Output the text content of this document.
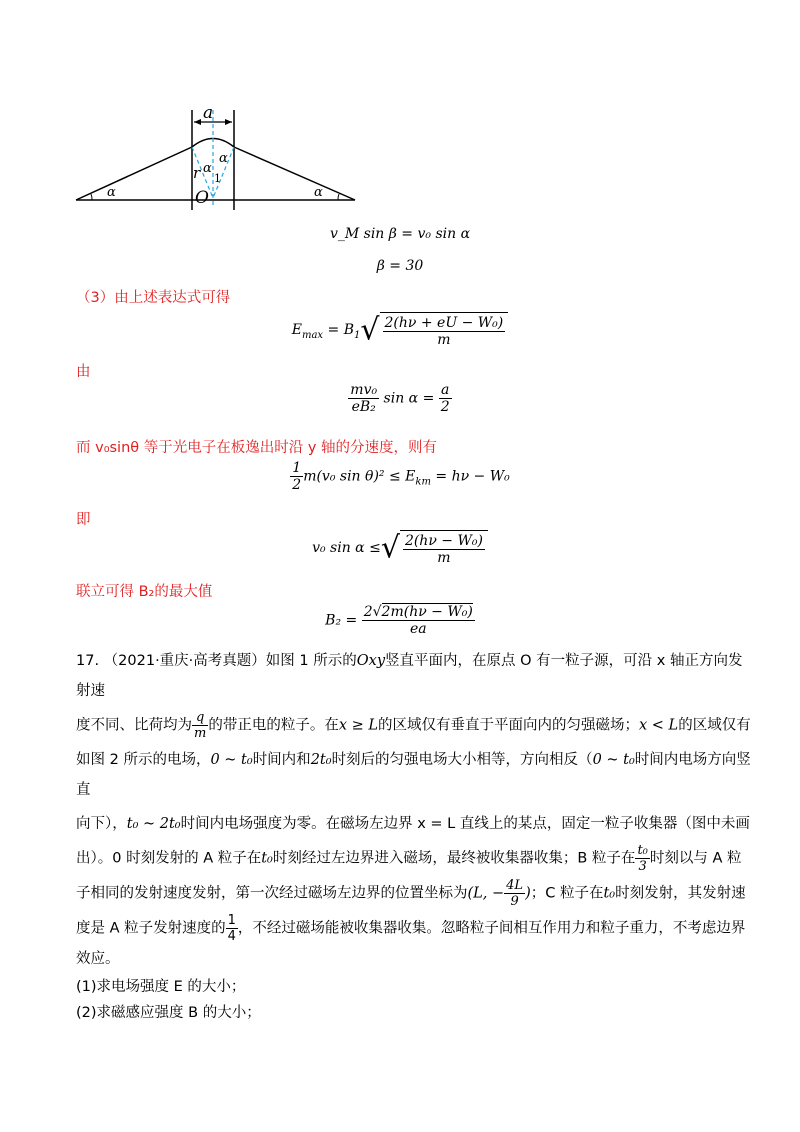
a
α	α
α
α
r 1
O
v_M sin β = v₀ sin α
β = 30
（3）由上述表达式可得
$E_{max} = B_1√ \frac{\text{2(hν + eU − W₀)}}{m}$
由
$\frac{\text{mv₀}}{\text{eB₂}}$ $\sin \alpha = \frac{a}{2}$
而 v₀sinθ 等于光电子在板逸出时沿 y 轴的分速度，则有
$\frac{1}{2} m(v_0$ $\sin \theta)^2 \le E_{km} = h\nu - W_0$
即
v₀ sin α ≤√ $\frac{\text{2(hν − W₀)}}{m}$
联立可得 B₂的最大值
$B_2 = \frac{\text{2√2m(hν − W₀)}}{ea}$
17. （2021·重庆·高考真题）如图 1 所示的Oxy竖直平面内，在原点 O 有一粒子源，可沿 x 轴正方向发射速
度不同、比荷均为 $\frac{q}{m}$ 的带正电的粒子。在x ≥ L的区域仅有垂直于平面向内的匀强磁场；x < L的区域仅有
如图 2 所示的电场，0 ~ t₀时间内和2t₀时刻后的匀强电场大小相等，方向相反（0 ~ t₀时间内电场方向竖直
向下），t₀ ~ 2t₀时间内电场强度为零。在磁场左边界 x = L 直线上的某点，固定一粒子收集器（图中未画
出）。0 时刻发射的 A 粒子在t₀时刻经过左边界进入磁场，最终被收集器收集；B 粒子在 $\frac{\text{t₀}}{3}$ 时刻以与 A 粒
子相同的发射速度发射，第一次经过磁场左边界的位置坐标为(L, − $\frac{4L}{9}$ )；C 粒子在t₀时刻发射，其发射速
度是 A 粒子发射速度的 $\frac{1}{4}$ ，不经过磁场能被收集器收集。忽略粒子间相互作用力和粒子重力，不考虑边界
效应。
(1)求电场强度 E 的大小；
(2)求磁感应强度 B 的大小；
